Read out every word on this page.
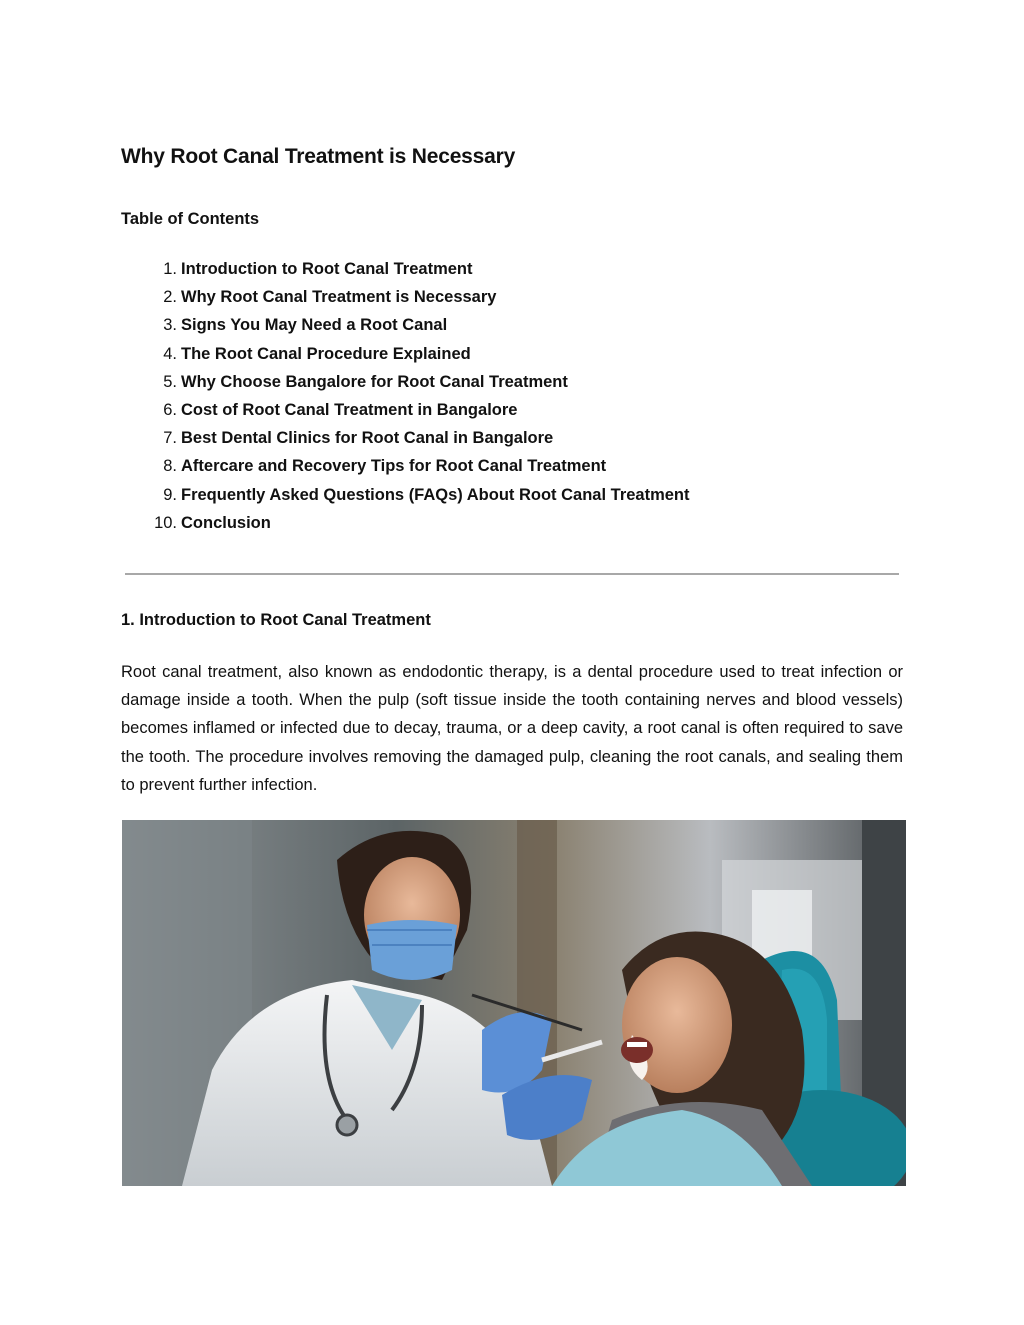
Why Root Canal Treatment is Necessary
Table of Contents
1. Introduction to Root Canal Treatment
2. Why Root Canal Treatment is Necessary
3. Signs You May Need a Root Canal
4. The Root Canal Procedure Explained
5. Why Choose Bangalore for Root Canal Treatment
6. Cost of Root Canal Treatment in Bangalore
7. Best Dental Clinics for Root Canal in Bangalore
8. Aftercare and Recovery Tips for Root Canal Treatment
9. Frequently Asked Questions (FAQs) About Root Canal Treatment
10. Conclusion
1. Introduction to Root Canal Treatment

Root canal treatment, also known as endodontic therapy, is a dental procedure used to treat infection or damage inside a tooth. When the pulp (soft tissue inside the tooth containing nerves and blood vessels) becomes inflamed or infected due to decay, trauma, or a deep cavity, a root canal is often required to save the tooth. The procedure involves removing the damaged pulp, cleaning the root canals, and sealing them to prevent further infection.
